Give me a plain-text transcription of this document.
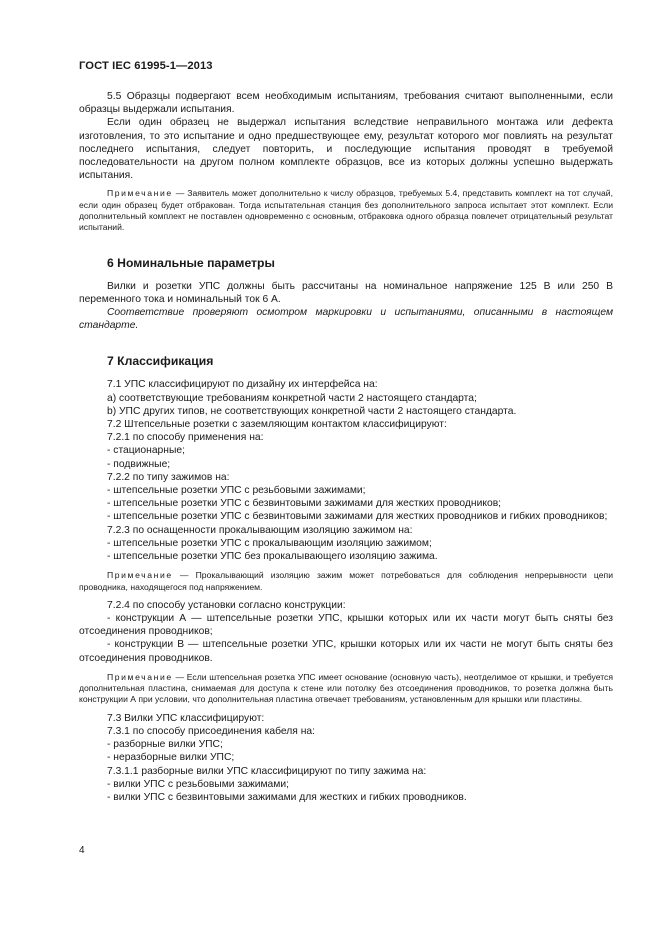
ГОСТ IEC 61995-1—2013

5.5 Образцы подвергают всем необходимым испытаниям, требования считают выполненными, если образцы выдержали испытания.

Если один образец не выдержал испытания вследствие неправильного монтажа или дефекта изготовления, то это испытание и одно предшествующее ему, результат которого мог повлиять на результат последнего испытания, следует повторить, и последующие испытания проводят в требуемой последовательности на другом полном комплекте образцов, все из которых должны успешно выдержать испытания.

Примечание — Заявитель может дополнительно к числу образцов, требуемых 5.4, представить комплект на тот случай, если один образец будет отбракован. Тогда испытательная станция без дополнительного запроса испытает этот комплект. Если дополнительный комплект не поставлен одновременно с основным, отбраковка одного образца повлечет отрицательный результат испытаний.

6 Номинальные параметры

Вилки и розетки УПС должны быть рассчитаны на номинальное напряжение 125 В или 250 В переменного тока и номинальный ток 6 А.

Соответствие проверяют осмотром маркировки и испытаниями, описанными в настоящем стандарте.

7 Классификация

7.1 УПС классифицируют по дизайну их интерфейса на:

a) соответствующие требованиям конкретной части 2 настоящего стандарта;

b) УПС других типов, не соответствующих конкретной части 2 настоящего стандарта.

7.2 Штепсельные розетки с заземляющим контактом классифицируют:

7.2.1 по способу применения на:

- стационарные;

- подвижные;

7.2.2 по типу зажимов на:

- штепсельные розетки УПС с резьбовыми зажимами;

- штепсельные розетки УПС с безвинтовыми зажимами для жестких проводников;

- штепсельные розетки УПС с безвинтовыми зажимами для жестких проводников и гибких проводников;

7.2.3 по оснащенности прокалывающим изоляцию зажимом на:

- штепсельные розетки УПС с прокалывающим изоляцию зажимом;

- штепсельные розетки УПС без прокалывающего изоляцию зажима.

Примечание — Прокалывающий изоляцию зажим может потребоваться для соблюдения непрерывности цепи проводника, находящегося под напряжением.

7.2.4 по способу установки согласно конструкции:

- конструкции А — штепсельные розетки УПС, крышки которых или их части могут быть сняты без отсоединения проводников;

- конструкции В — штепсельные розетки УПС, крышки которых или их части не могут быть сняты без отсоединения проводников.

Примечание — Если штепсельная розетка УПС имеет основание (основную часть), неотделимое от крышки, и требуется дополнительная пластина, снимаемая для доступа к стене или потолку без отсоединения проводников, то розетка должна быть конструкции А при условии, что дополнительная пластина отвечает требованиям, установленным для крышки или пластины.

7.3 Вилки УПС классифицируют:

7.3.1 по способу присоединения кабеля на:

- разборные вилки УПС;

- неразборные вилки УПС;

7.3.1.1 разборные вилки УПС классифицируют по типу зажима на:

- вилки УПС с резьбовыми зажимами;

- вилки УПС с безвинтовыми зажимами для жестких и гибких проводников.

4
